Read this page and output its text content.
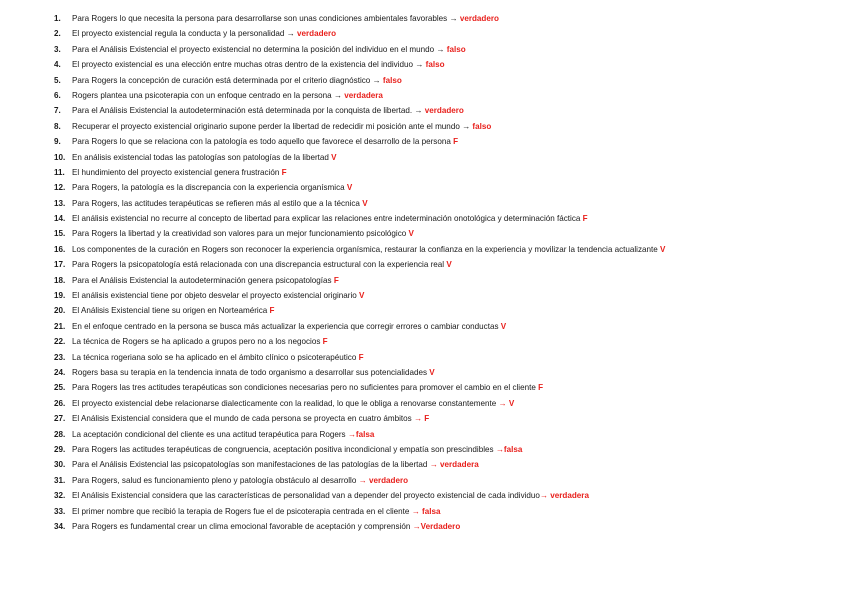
1. Para Rogers lo que necesita la persona para desarrollarse son unas condiciones ambientales favorables → verdadero
2. El proyecto existencial regula la conducta y la personalidad → verdadero
3. Para el Análisis Existencial el proyecto existencial no determina la posición del individuo en el mundo → falso
4. El proyecto existencial es una elección entre muchas otras dentro de la existencia del individuo → falso
5. Para Rogers la concepción de curación está determinada por el criterio diagnóstico → falso
6. Rogers plantea una psicoterapia con un enfoque centrado en la persona → verdadera
7. Para el Análisis Existencial la autodeterminación está determinada por la conquista de libertad. → verdadero
8. Recuperar el proyecto existencial originario supone perder la libertad de redecidir mi posición ante el mundo → falso
9. Para Rogers lo que se relaciona con la patología es todo aquello que favorece el desarrollo de la persona F
10. En análisis existencial todas las patologías son patologías de la libertad V
11. El hundimiento del proyecto existencial genera frustración F
12. Para Rogers, la patología es la discrepancia con la experiencia organísmica V
13. Para Rogers, las actitudes terapéuticas se refieren más al estilo que a la técnica V
14. El análisis existencial no recurre al concepto de libertad para explicar las relaciones entre indeterminación onotológica y determinación fáctica F
15. Para Rogers la libertad y la creatividad son valores para un mejor funcionamiento psicológico V
16. Los componentes de la curación en Rogers son reconocer la experiencia organísmica, restaurar la confianza en la experiencia y movilizar la tendencia actualizante V
17. Para Rogers la psicopatología está relacionada con una discrepancia estructural con la experiencia real V
18. Para el Análisis Existencial la autodeterminación genera psicopatologías F
19. El análisis existencial tiene por objeto desvelar el proyecto existencial originario V
20. El Análisis Existencial tiene su origen en Norteamérica F
21. En el enfoque centrado en la persona se busca más actualizar la experiencia que corregir errores o cambiar conductas V
22. La técnica de Rogers se ha aplicado a grupos pero no a los negocios F
23. La técnica rogeriana solo se ha aplicado en el ámbito clínico o psicoterapéutico F
24. Rogers basa su terapia en la tendencia innata de todo organismo a desarrollar sus potencialidades V
25. Para Rogers las tres actitudes terapéuticas son condiciones necesarias pero no suficientes para promover el cambio en el cliente F
26. El proyecto existencial debe relacionarse dialecticamente con la realidad, lo que le obliga a renovarse constantemente → V
27. El Análisis Existencial considera que el mundo de cada persona se proyecta en cuatro ámbitos → F
28. La aceptación condicional del cliente es una actitud terapéutica para Rogers →falsa
29. Para Rogers las actitudes terapéuticas de congruencia, aceptación positiva incondicional y empatía son prescindibles →falsa
30. Para el Análisis Existencial las psicopatologías son manifestaciones de las patologías de la libertad → verdadera
31. Para Rogers, salud es funcionamiento pleno y patología obstáculo al desarrollo → verdadero
32. El Análisis Existencial considera que las características de personalidad van a depender del proyecto existencial de cada individuo→ verdadera
33. El primer nombre que recibió la terapia de Rogers fue el de psicoterapia centrada en el cliente → falsa
34. Para Rogers es fundamental crear un clima emocional favorable de aceptación y comprensión →Verdadero
